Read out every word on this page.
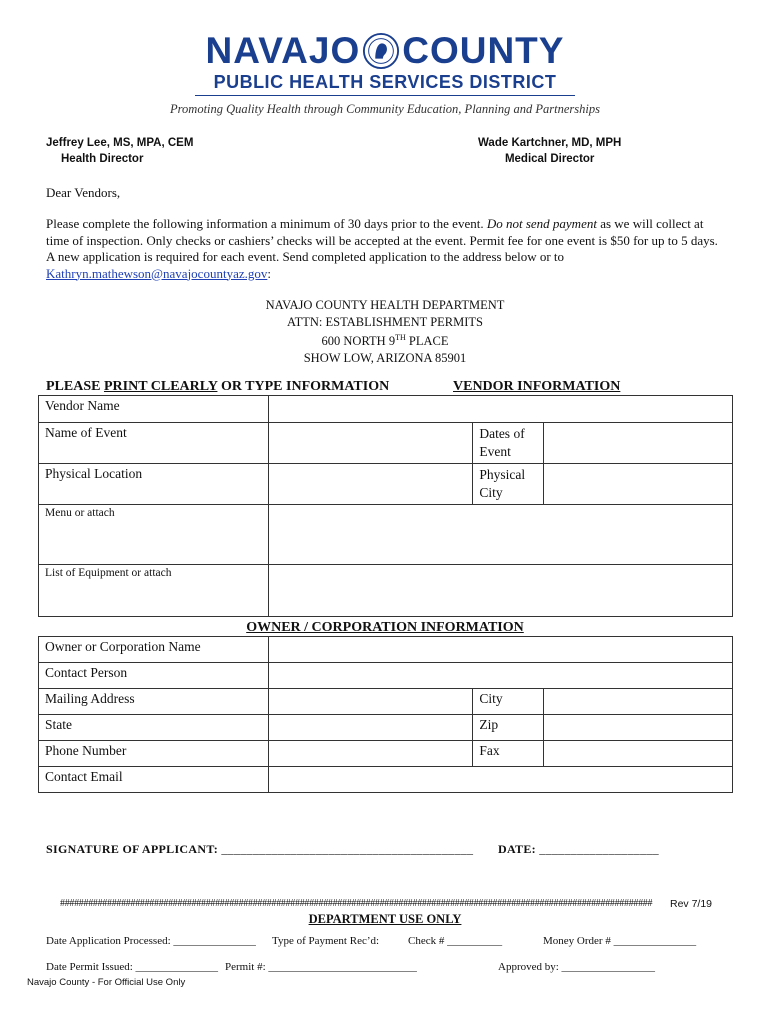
NAVAJO COUNTY
PUBLIC HEALTH SERVICES DISTRICT
Promoting Quality Health through Community Education, Planning and Partnerships
Jeffrey Lee, MS, MPA, CEM
Health Director
Wade Kartchner, MD, MPH
Medical Director
Dear Vendors,
Please complete the following information a minimum of 30 days prior to the event. Do not send payment as we will collect at time of inspection. Only checks or cashiers’ checks will be accepted at the event. Permit fee for one event is $50 for up to 5 days. A new application is required for each event. Send completed application to the address below or to Kathryn.mathewson@navajocountyaz.gov:
NAVAJO COUNTY HEALTH DEPARTMENT
ATTN: ESTABLISHMENT PERMITS
600 NORTH 9TH PLACE
SHOW LOW, ARIZONA 85901
PLEASE PRINT CLEARLY OR TYPE INFORMATION	VENDOR INFORMATION
Vendor Name			
Name of Event		Dates of Event	
Physical Location		Physical City	
Menu or attach			
List of Equipment or attach			
OWNER / CORPORATION INFORMATION
Owner or Corporation Name			
Contact Person			
Mailing Address		City	
State		Zip	
Phone Number		Fax	
Contact Email			
SIGNATURE OF APPLICANT: ________________________________________ DATE: ___________________
##############################################################################################################################	Rev 7/19
DEPARTMENT USE ONLY
Date Application Processed: _______________ Type of Payment Rec’d:	Check # __________	Money Order # _______________
Date Permit Issued: _______________ Permit #: ___________________________	Approved by: _________________
Navajo County - For Official Use Only
